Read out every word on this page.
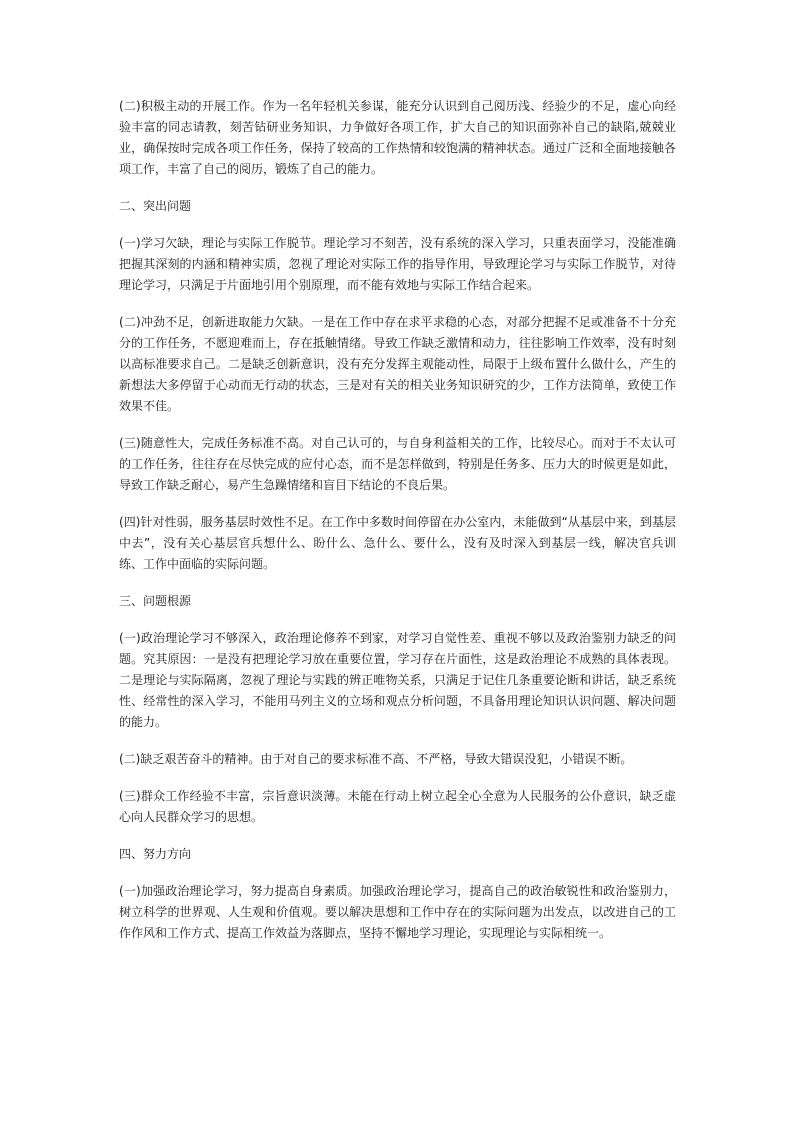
(二)积极主动的开展工作。作为一名年轻机关参谋，能充分认识到自己阅历浅、经验少的不足，虚心向经验丰富的同志请教，刻苦钻研业务知识，力争做好各项工作，扩大自己的知识面弥补自己的缺陷,兢兢业业，确保按时完成各项工作任务，保持了较高的工作热情和较饱满的精神状态。通过广泛和全面地接触各项工作，丰富了自己的阅历，锻炼了自己的能力。

二、突出问题

(一)学习欠缺，理论与实际工作脱节。理论学习不刻苦，没有系统的深入学习，只重表面学习，没能准确把握其深刻的内涵和精神实质，忽视了理论对实际工作的指导作用，导致理论学习与实际工作脱节，对待理论学习，只满足于片面地引用个别原理，而不能有效地与实际工作结合起来。

(二)冲劲不足，创新进取能力欠缺。一是在工作中存在求平求稳的心态，对部分把握不足或准备不十分充分的工作任务，不愿迎难而上，存在抵触情绪。导致工作缺乏激情和动力，往往影响工作效率，没有时刻以高标准要求自己。二是缺乏创新意识，没有充分发挥主观能动性，局限于上级布置什么做什么，产生的新想法大多停留于心动而无行动的状态，三是对有关的相关业务知识研究的少，工作方法简单，致使工作效果不佳。

(三)随意性大，完成任务标准不高。对自己认可的，与自身利益相关的工作，比较尽心。而对于不太认可的工作任务，往往存在尽快完成的应付心态，而不是怎样做到，特别是任务多、压力大的时候更是如此，导致工作缺乏耐心，易产生急躁情绪和盲目下结论的不良后果。

(四)针对性弱，服务基层时效性不足。在工作中多数时间停留在办公室内，未能做到“从基层中来，到基层中去”，没有关心基层官兵想什么、盼什么、急什么、要什么，没有及时深入到基层一线，解决官兵训练、工作中面临的实际问题。

三、问题根源

(一)政治理论学习不够深入，政治理论修养不到家，对学习自觉性差、重视不够以及政治鉴别力缺乏的问题。究其原因：一是没有把理论学习放在重要位置，学习存在片面性，这是政治理论不成熟的具体表现。二是理论与实际隔离，忽视了理论与实践的辨正唯物关系，只满足于记住几条重要论断和讲话，缺乏系统性、经常性的深入学习，不能用马列主义的立场和观点分析问题，不具备用理论知识认识问题、解决问题的能力。

(二)缺乏艰苦奋斗的精神。由于对自己的要求标准不高、不严格，导致大错误没犯，小错误不断。

(三)群众工作经验不丰富，宗旨意识淡薄。未能在行动上树立起全心全意为人民服务的公仆意识，缺乏虚心向人民群众学习的思想。

四、努力方向

(一)加强政治理论学习，努力提高自身素质。加强政治理论学习，提高自己的政治敏锐性和政治鉴别力，树立科学的世界观、人生观和价值观。要以解决思想和工作中存在的实际问题为出发点，以改进自己的工作作风和工作方式、提高工作效益为落脚点，坚持不懈地学习理论，实现理论与实际相统一。
